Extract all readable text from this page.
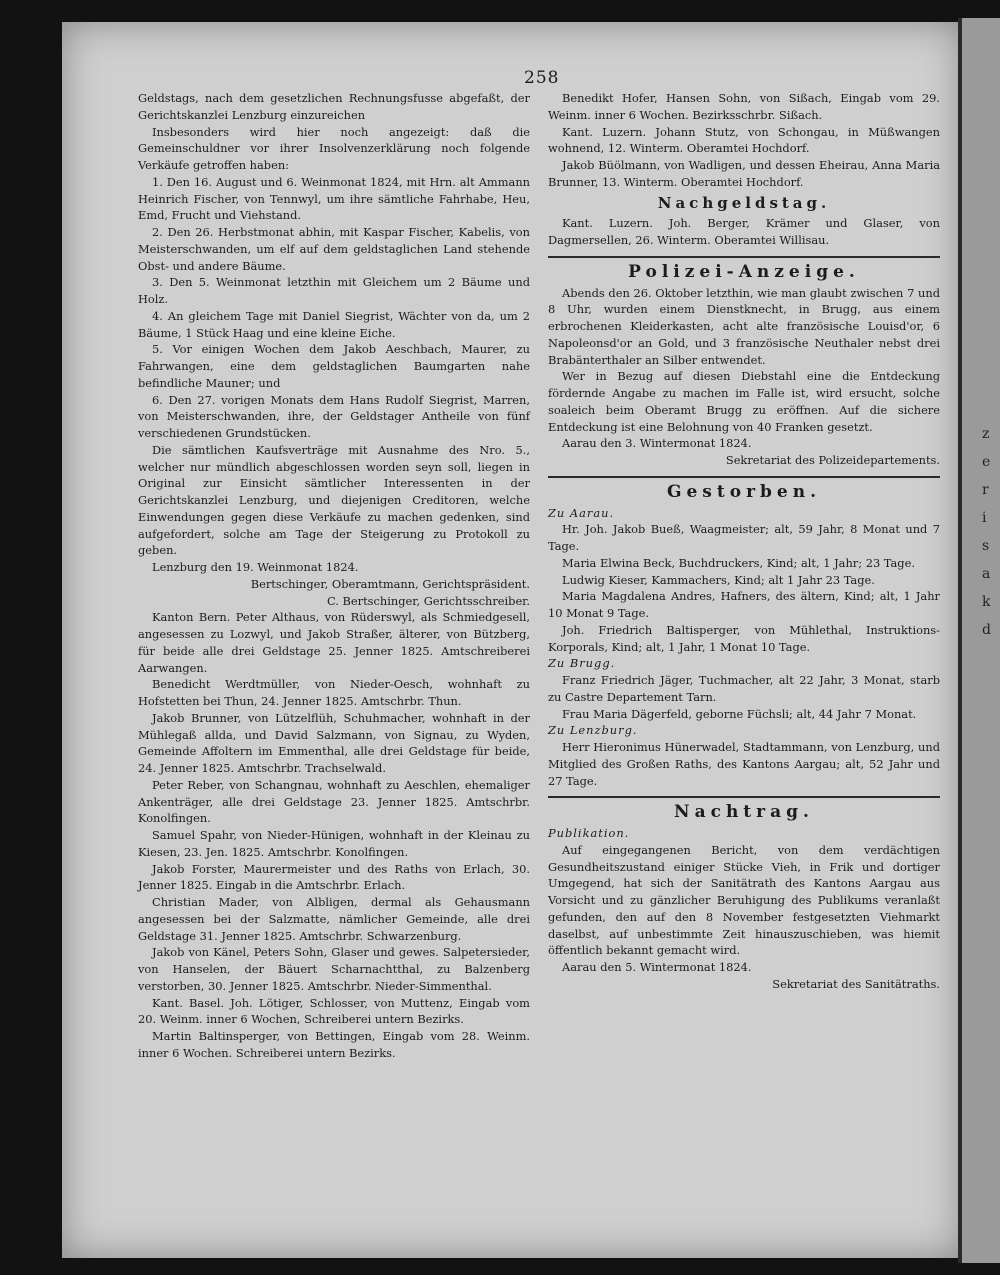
z
e
r
i
s
a
k
d
258

Geldstags, nach dem gesetzlichen Rechnungsfusse abgefaßt, der Gerichtskanzlei Lenzburg einzureichen

Insbesonders wird hier noch angezeigt: daß die Gemeinschuldner vor ihrer Insolvenzerklärung noch folgende Verkäufe getroffen haben:

1. Den 16. August und 6. Weinmonat 1824, mit Hrn. alt Ammann Heinrich Fischer, von Tennwyl, um ihre sämtliche Fahrhabe, Heu, Emd, Frucht und Viehstand.

2. Den 26. Herbstmonat abhin, mit Kaspar Fischer, Kabelis, von Meisterschwanden, um elf auf dem geldstaglichen Land stehende Obst- und andere Bäume.

3. Den 5. Weinmonat letzthin mit Gleichem um 2 Bäume und Holz.

4. An gleichem Tage mit Daniel Siegrist, Wächter von da, um 2 Bäume, 1 Stück Haag und eine kleine Eiche.

5. Vor einigen Wochen dem Jakob Aeschbach, Maurer, zu Fahrwangen, eine dem geldstaglichen Baumgarten nahe befindliche Mauner; und

6. Den 27. vorigen Monats dem Hans Rudolf Siegrist, Marren, von Meisterschwanden, ihre, der Geldstager Antheile von fünf verschiedenen Grundstücken.

Die sämtlichen Kaufsverträge mit Ausnahme des Nro. 5., welcher nur mündlich abgeschlossen worden seyn soll, liegen in Original zur Einsicht sämtlicher Interessenten in der Gerichtskanzlei Lenzburg, und diejenigen Creditoren, welche Einwendungen gegen diese Verkäufe zu machen gedenken, sind aufgefordert, solche am Tage der Steigerung zu Protokoll zu geben.

Lenzburg den 19. Weinmonat 1824.

Bertschinger, Oberamtmann, Gerichtspräsident.

C. Bertschinger, Gerichtsschreiber.

Kanton Bern. Peter Althaus, von Rüderswyl, als Schmiedgesell, angesessen zu Lozwyl, und Jakob Straßer, älterer, von Bützberg, für beide alle drei Geldstage 25. Jenner 1825. Amtschreiberei Aarwangen.

Benedicht Werdtmüller, von Nieder-Oesch, wohnhaft zu Hofstetten bei Thun, 24. Jenner 1825. Amtschrbr. Thun.

Jakob Brunner, von Lützelflüh, Schuhmacher, wohnhaft in der Mühlegaß allda, und David Salzmann, von Signau, zu Wyden, Gemeinde Affoltern im Emmenthal, alle drei Geldstage für beide, 24. Jenner 1825. Amtschrbr. Trachselwald.

Peter Reber, von Schangnau, wohnhaft zu Aeschlen, ehemaliger Ankenträger, alle drei Geldstage 23. Jenner 1825. Amtschrbr. Konolfingen.

Samuel Spahr, von Nieder-Hünigen, wohnhaft in der Kleinau zu Kiesen, 23. Jen. 1825. Amtschrbr. Konolfingen.

Jakob Forster, Maurermeister und des Raths von Erlach, 30. Jenner 1825. Eingab in die Amtschrbr. Erlach.

Christian Mader, von Albligen, dermal als Gehausmann angesessen bei der Salzmatte, nämlicher Gemeinde, alle drei Geldstage 31. Jenner 1825. Amtschrbr. Schwarzenburg.

Jakob von Känel, Peters Sohn, Glaser und gewes. Salpetersieder, von Hanselen, der Bäuert Scharnachtthal, zu Balzenberg verstorben, 30. Jenner 1825. Amtschrbr. Nieder-Simmenthal.

Kant. Basel. Joh. Lötiger, Schlosser, von Muttenz, Eingab vom 20. Weinm. inner 6 Wochen, Schreiberei untern Bezirks.

Martin Baltinsperger, von Bettingen, Eingab vom 28. Weinm. inner 6 Wochen. Schreiberei untern Bezirks.

Benedikt Hofer, Hansen Sohn, von Sißach, Eingab vom 29. Weinm. inner 6 Wochen. Bezirksschrbr. Sißach.

Kant. Luzern. Johann Stutz, von Schongau, in Müßwangen wohnend, 12. Winterm. Oberamtei Hochdorf.

Jakob Büölmann, von Wadligen, und dessen Eheirau, Anna Maria Brunner, 13. Winterm. Oberamtei Hochdorf.

Nachgeldstag.

Kant. Luzern. Joh. Berger, Krämer und Glaser, von Dagmersellen, 26. Winterm. Oberamtei Willisau.

Polizei-Anzeige.

Abends den 26. Oktober letzthin, wie man glaubt zwischen 7 und 8 Uhr, wurden einem Dienstknecht, in Brugg, aus einem erbrochenen Kleiderkasten, acht alte französische Louisd'or, 6 Napoleonsd'or an Gold, und 3 französische Neuthaler nebst drei Brabänterthaler an Silber entwendet.

Wer in Bezug auf diesen Diebstahl eine die Entdeckung fördernde Angabe zu machen im Falle ist, wird ersucht, solche soaleich beim Oberamt Brugg zu eröffnen. Auf die sichere Entdeckung ist eine Belohnung von 40 Franken gesetzt.

Aarau den 3. Wintermonat 1824.

Sekretariat des Polizeidepartements.

Gestorben.

Zu Aarau.

Hr. Joh. Jakob Bueß, Waagmeister; alt, 59 Jahr, 8 Monat und 7 Tage.

Maria Elwina Beck, Buchdruckers, Kind; alt, 1 Jahr; 23 Tage.

Ludwig Kieser, Kammachers, Kind; alt 1 Jahr 23 Tage.

Maria Magdalena Andres, Hafners, des ältern, Kind; alt, 1 Jahr 10 Monat 9 Tage.

Joh. Friedrich Baltisperger, von Mühlethal, Instruktions-Korporals, Kind; alt, 1 Jahr, 1 Monat 10 Tage.

Zu Brugg.

Franz Friedrich Jäger, Tuchmacher, alt 22 Jahr, 3 Monat, starb zu Castre Departement Tarn.

Frau Maria Dägerfeld, geborne Füchsli; alt, 44 Jahr 7 Monat.

Zu Lenzburg.

Herr Hieronimus Hünerwadel, Stadtammann, von Lenzburg, und Mitglied des Großen Raths, des Kantons Aargau; alt, 52 Jahr und 27 Tage.

Nachtrag.

Publikation.

Auf eingegangenen Bericht, von dem verdächtigen Gesundheitszustand einiger Stücke Vieh, in Frik und dortiger Umgegend, hat sich der Sanitätrath des Kantons Aargau aus Vorsicht und zu gänzlicher Beruhigung des Publikums veranlaßt gefunden, den auf den 8 November festgesetzten Viehmarkt daselbst, auf unbestimmte Zeit hinauszuschieben, was hiemit öffentlich bekannt gemacht wird.

Aarau den 5. Wintermonat 1824.

Sekretariat des Sanitätraths.
